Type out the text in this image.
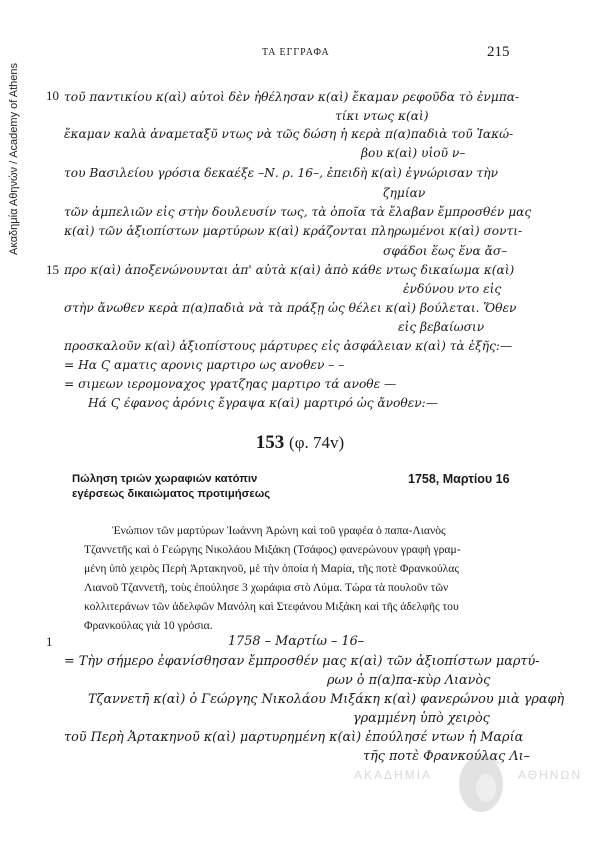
Ακαδημία Αθηνών / Academy of Athens
ΤΑ ΕΓΓΡΑΦΑ	215
10 τοῦ παντικίου κ(αὶ) αὐτοὶ δὲν ἠθέλησαν κ(αὶ) ἔκαμαν ρεφοῦδα τὸ ἐνμπα-
τίκι ντως κ(αὶ)
ἔκαμαν καλὰ ἀναμεταξῦ ντως νὰ τῶς δώση ἡ κερὰ π(α)παδιὰ τοῦ Ἰακώ-
βου κ(αὶ) υἱοῦ ν–
του Βασιλείου γρόσια δεκαέξε –Ν. ρ. 16–, ἐπειδὴ κ(αὶ) ἐγνώρισαν τὴν
ζημίαν
τῶν ἀμπελιῶν εἰς στὴν δουλευσίν τως, τὰ ὁποῖα τὰ ἔλαβαν ἔμπροσθέν μας
κ(αὶ) τῶν ἀξιοπίστων μαρτύρων κ(αὶ) κράζονται πληρωμένοι κ(αὶ) σοντι-
σφάδοι ἕως ἕνα ἄσ–
15 προ κ(αὶ) ἀποξενώνουνται ἀπ' αὐτὰ κ(αὶ) ἀπὸ κάθε ντως δικαίωμα κ(αὶ)
ἐνδύνου ντο εἰς
στὴν ἄνωθεν κερὰ π(α)παδιὰ νὰ τὰ πράξῃ ὡς θέλει κ(αὶ) βούλεται. Ὅθεν
εἰς βεβαίωσιν
προσκαλοῦν κ(αὶ) ἀξιοπίστους μάρτυρες εἰς ἀσφάλειαν κ(αὶ) τὰ ἑξῆς:—
= Ηα Ϛ αματις αρονις μαρτιρο ως ανοθεν – –
= σιμεων ιερομοναχος γρατζηας μαρτιρο τά ανοθε —
Ηά Ϛ έφανος ἀρόνις ἔγραψα κ(αὶ) μαρτιρό ὡς ἄνοθεν:—
153 (φ. 74v)
Πώληση τριών χωραφιών κατόπιν
εγέρσεως δικαιώματος προτιμήσεως
1758, Μαρτίου 16
Ἐνώπιον τῶν μαρτύρων Ἰωάννη Ἀρώνη καὶ τοῦ γραφέα ὁ παπα-Λιανὸς
Τζαννετῆς καὶ ὁ Γεώργης Νικολάου Μιξάκη (Τσάφος) φανερώνουν γραφὴ γραμ-
μένη ὑπὸ χειρὸς Περὴ Ἀρτακηνοῦ, μὲ τὴν ὁποία ἡ Μαρία, τῆς ποτὲ Φρανκούλας
Λιανοῦ Τζαννετῆ, τοὺς ἐπούλησε 3 χωράφια στὸ Λύμα. Τώρα τὰ πουλοῦν τῶν
κολλιτεράνων τῶν ἀδελφῶν Μανόλη καὶ Στεφάνου Μιξάκη καὶ τῆς ἀδελφῆς του
Φρανκούλας γιὰ 10 γρόσια.
1	1758 – Μαρτίω – 16–
= Τὴν σήμερο ἐφανίσθησαν ἔμπροσθέν μας κ(αὶ) τῶν ἀξιοπίστων μαρτύ-
ρων ὁ π(α)πα-κὺρ Λιανὸς
Τζαννετῆ κ(αὶ) ὁ Γεώργης Νικολάου Μιξάκη κ(αὶ) φανερώνου μιὰ γραφὴ
γραμμένη ὑπὸ χειρὸς
τοῦ Περὴ Ἀρτακηνοῦ κ(αὶ) μαρτυρημένη κ(αὶ) ἐπούλησέ ντων ἡ Μαρία
τῆς ποτὲ Φρανκούλας Λι–
ΑΚΑΔΗΜΙΑ	ΑΘΗΝΩΝ
